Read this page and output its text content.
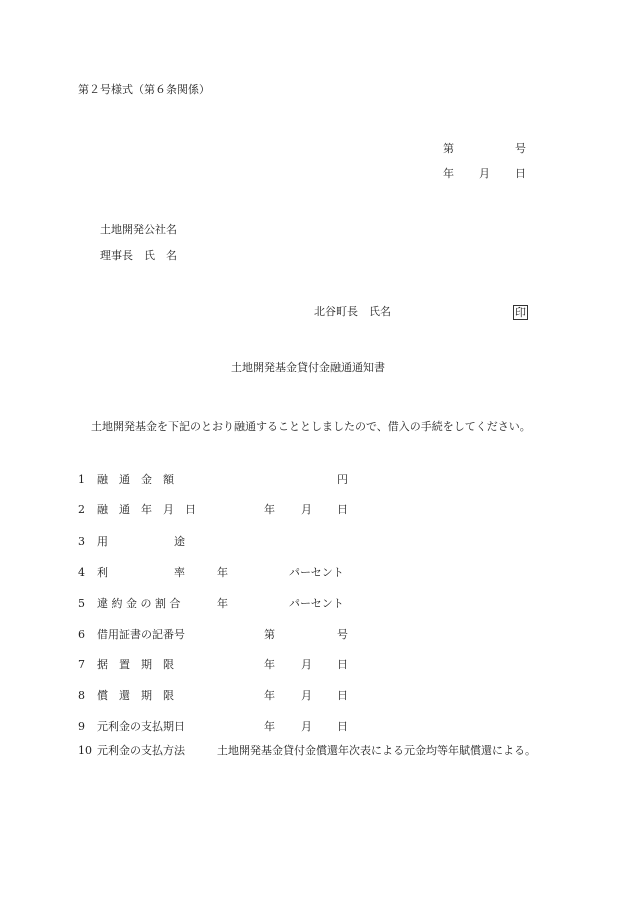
第２号様式（第６条関係）
第	号
年 月 日
土地開発公社名
理事長　氏　名
北谷町長　氏名	印
土地開発基金貸付金融通通知書
土地開発基金を下記のとおり融通することとしましたので、借入の手続をしてください。
1 融　通　金　額	円
2 融　通　年　月　日	年 月 日
3 用　　　　　　途
4 利　　　　　　率	年	パーセント
5 違 約 金 の 割 合	年	パーセント
6 借用証書の記番号	第	号
7 据　置　期　限	年 月 日
8 償　還　期　限	年 月 日
9 元利金の支払期日	年 月 日
10 元利金の支払方法	土地開発基金貸付金償還年次表による元金均等年賦償還による。
